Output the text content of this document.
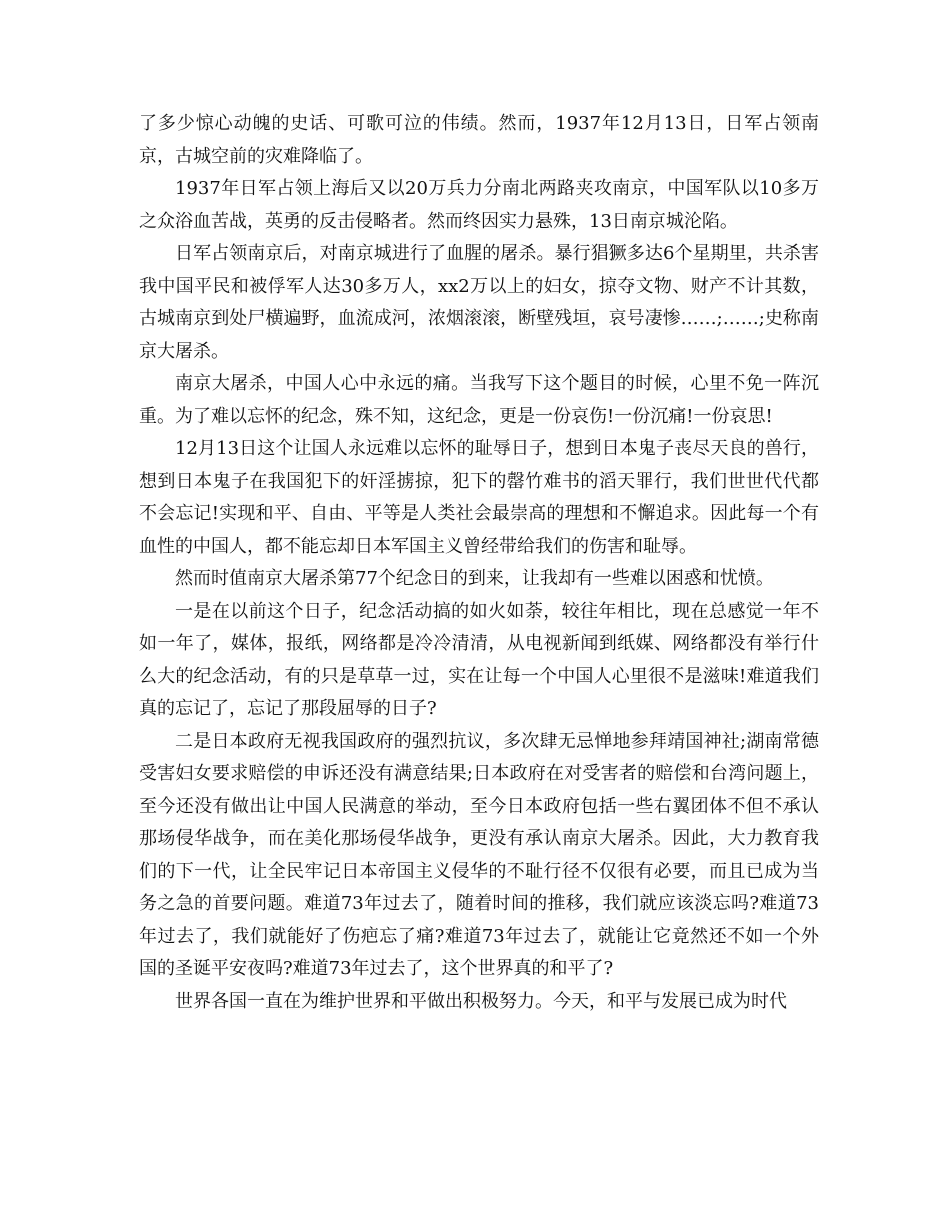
了多少惊心动魄的史话、可歌可泣的伟绩。然而，1937年12月13日，日军占领南京，古城空前的灾难降临了。

1937年日军占领上海后又以20万兵力分南北两路夹攻南京，中国军队以10多万之众浴血苦战，英勇的反击侵略者。然而终因实力悬殊，13日南京城沦陷。

日军占领南京后，对南京城进行了血腥的屠杀。暴行猖獗多达6个星期里，共杀害我中国平民和被俘军人达30多万人，xx2万以上的妇女，掠夺文物、财产不计其数，古城南京到处尸横遍野，血流成河，浓烟滚滚，断壁残垣，哀号凄惨……;……;史称南京大屠杀。

南京大屠杀，中国人心中永远的痛。当我写下这个题目的时候，心里不免一阵沉重。为了难以忘怀的纪念，殊不知，这纪念，更是一份哀伤!一份沉痛!一份哀思!

12月13日这个让国人永远难以忘怀的耻辱日子，想到日本鬼子丧尽天良的兽行，想到日本鬼子在我国犯下的奸淫掳掠，犯下的罄竹难书的滔天罪行，我们世世代代都不会忘记!实现和平、自由、平等是人类社会最崇高的理想和不懈追求。因此每一个有血性的中国人，都不能忘却日本军国主义曾经带给我们的伤害和耻辱。

然而时值南京大屠杀第77个纪念日的到来，让我却有一些难以困惑和忧愤。

一是在以前这个日子，纪念活动搞的如火如荼，较往年相比，现在总感觉一年不如一年了，媒体，报纸，网络都是冷冷清清，从电视新闻到纸媒、网络都没有举行什么大的纪念活动，有的只是草草一过，实在让每一个中国人心里很不是滋味!难道我们真的忘记了，忘记了那段屈辱的日子?

二是日本政府无视我国政府的强烈抗议，多次肆无忌惮地参拜靖国神社;湖南常德受害妇女要求赔偿的申诉还没有满意结果;日本政府在对受害者的赔偿和台湾问题上，至今还没有做出让中国人民满意的举动，至今日本政府包括一些右翼团体不但不承认那场侵华战争，而在美化那场侵华战争，更没有承认南京大屠杀。因此，大力教育我们的下一代，让全民牢记日本帝国主义侵华的不耻行径不仅很有必要，而且已成为当务之急的首要问题。难道73年过去了，随着时间的推移，我们就应该淡忘吗?难道73年过去了，我们就能好了伤疤忘了痛?难道73年过去了，就能让它竟然还不如一个外国的圣诞平安夜吗?难道73年过去了，这个世界真的和平了?

世界各国一直在为维护世界和平做出积极努力。今天，和平与发展已成为时代
